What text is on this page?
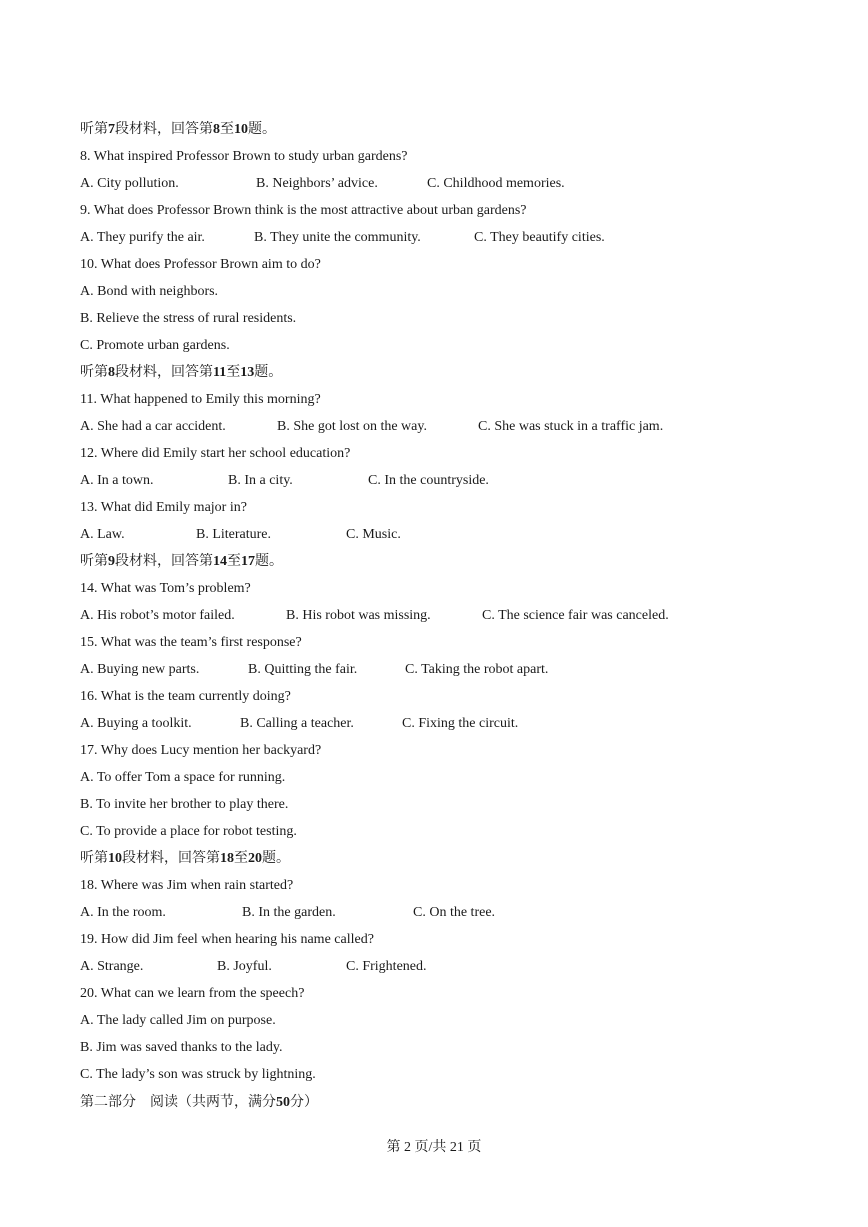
听第7段材料，回答第8至10题。
8. What inspired Professor Brown to study urban gardens?
A. City pollution.	B. Neighbors’ advice.	C. Childhood memories.
9. What does Professor Brown think is the most attractive about urban gardens?
A. They purify the air.	B. They unite the community.	C. They beautify cities.
10. What does Professor Brown aim to do?
A. Bond with neighbors.
B. Relieve the stress of rural residents.
C. Promote urban gardens.
听第8段材料，回答第11至13题。
11. What happened to Emily this morning?
A. She had a car accident.	B. She got lost on the way.	C. She was stuck in a traffic jam.
12. Where did Emily start her school education?
A. In a town.	B. In a city.	C. In the countryside.
13. What did Emily major in?
A. Law.	B. Literature.	C. Music.
听第9段材料，回答第14至17题。
14. What was Tom’s problem?
A. His robot’s motor failed.	B. His robot was missing.	C. The science fair was canceled.
15. What was the team’s first response?
A. Buying new parts.	B. Quitting the fair.	C. Taking the robot apart.
16. What is the team currently doing?
A. Buying a toolkit.	B. Calling a teacher.	C. Fixing the circuit.
17. Why does Lucy mention her backyard?
A. To offer Tom a space for running.
B. To invite her brother to play there.
C. To provide a place for robot testing.
听第10段材料，回答第18至20题。
18. Where was Jim when rain started?
A. In the room.	B. In the garden.	C. On the tree.
19. How did Jim feel when hearing his name called?
A. Strange.	B. Joyful.	C. Frightened.
20. What can we learn from the speech?
A. The lady called Jim on purpose.
B. Jim was saved thanks to the lady.
C. The lady’s son was struck by lightning.
第二部分 阅读（共两节，满分50分）
第 2 页/共 21 页
